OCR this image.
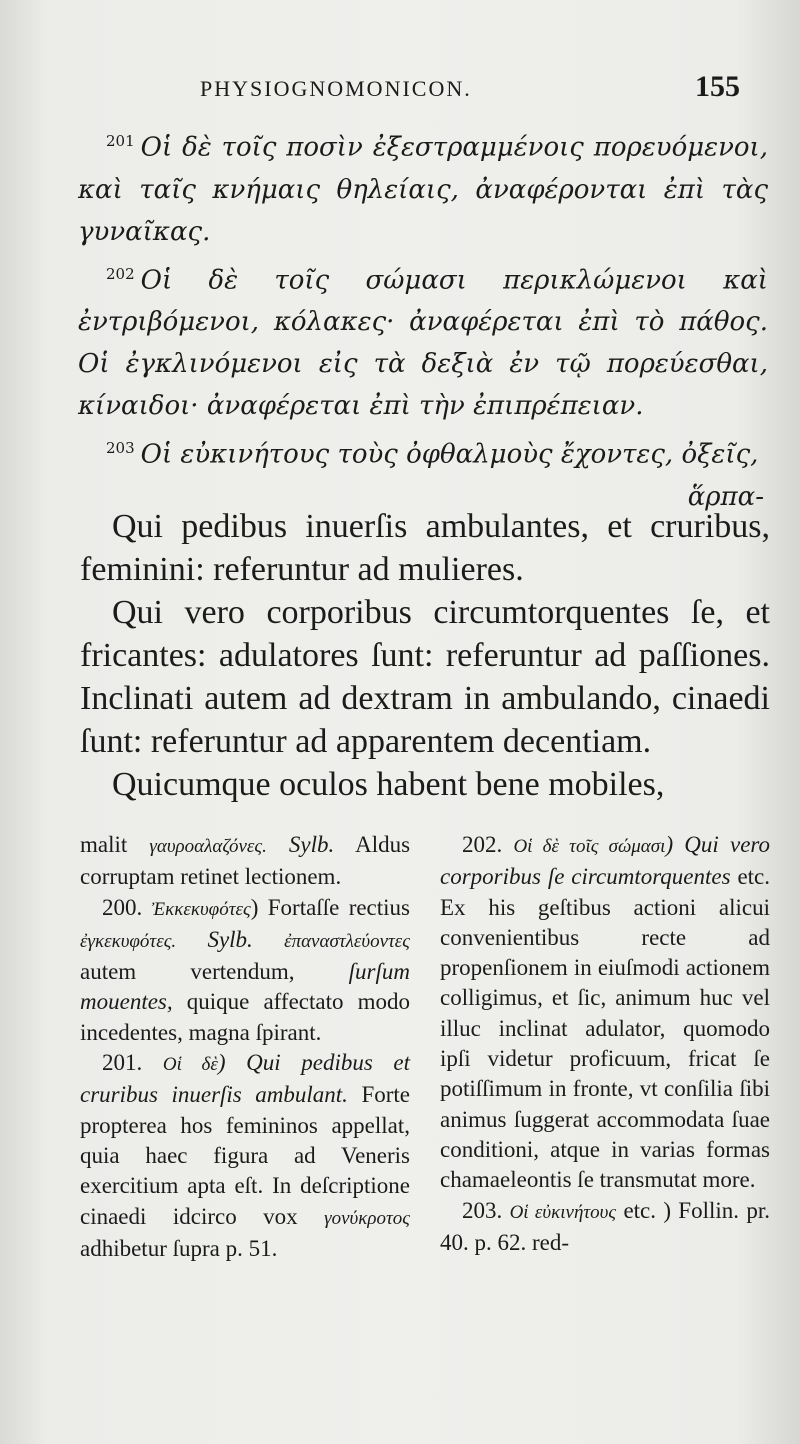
PHYSIOGNOMONICON.	155

$^{201}$ Οἱ δὲ τοῖς ποσὶν ἐξεστραμμένοις πορευόμενοι, καὶ ταῖς κνήμαις θηλείαις, ἀναφέρονται ἐπὶ τὰς γυναῖκας.

$^{202}$ Οἱ δὲ τοῖς σώμασι περικλώμενοι καὶ ἐντριβόμενοι, κόλακες· ἀναφέρεται ἐπὶ τὸ πάθος. Οἱ ἐγκλινόμενοι εἰς τὰ δεξιὰ ἐν τῷ πορεύεσθαι, κίναιδοι· ἀναφέρεται ἐπὶ τὴν ἐπιπρέπειαν.

$^{203}$ Οἱ εὐκινήτους τοὺς ὀφθαλμοὺς ἔχοντες, ὀξεῖς,

ἅρπα-

Qui pedibus inuerſis ambulantes, et cruribus, feminini: referuntur ad mulieres.

Qui vero corporibus circumtorquentes ſe, et fricantes: adulatores ſunt: referuntur ad paſſiones. Inclinati autem ad dextram in ambulando, cinaedi ſunt: referuntur ad apparentem decentiam.

Quicumque oculos habent bene mobiles,

malit γαυροαλαζόνες. Sylb. Aldus corruptam retinet lectionem.

200. Ἐκκεκυφότες) Fortaſſe rectius ἐγκεκυφότες. Sylb. ἐπαναστλεύοντες autem vertendum, ſurſum mouentes, quique affectato modo incedentes, magna ſpirant.

201. Οἱ δὲ) Qui pedibus et cruribus inuerſis ambulant. Forte propterea hos femininos appellat, quia haec figura ad Veneris exercitium apta eſt. In deſcriptione cinaedi idcirco vox γονύκροτος adhibetur ſupra p. 51.

202. Οἱ δὲ τοῖς σώμασι) Qui vero corporibus ſe circumtorquentes etc. Ex his geſtibus actioni alicui convenientibus recte ad propenſionem in eiuſmodi actionem colligimus, et ſic, animum huc vel illuc inclinat adulator, quomodo ipſi videtur proficuum, fricat ſe potiſſimum in fronte, vt conſilia ſibi animus ſuggerat accommodata ſuae conditioni, atque in varias formas chamaeleontis ſe transmutat more.

203. Οἱ εὐκινήτους etc. ) Follin. pr. 40. p. 62. red-
